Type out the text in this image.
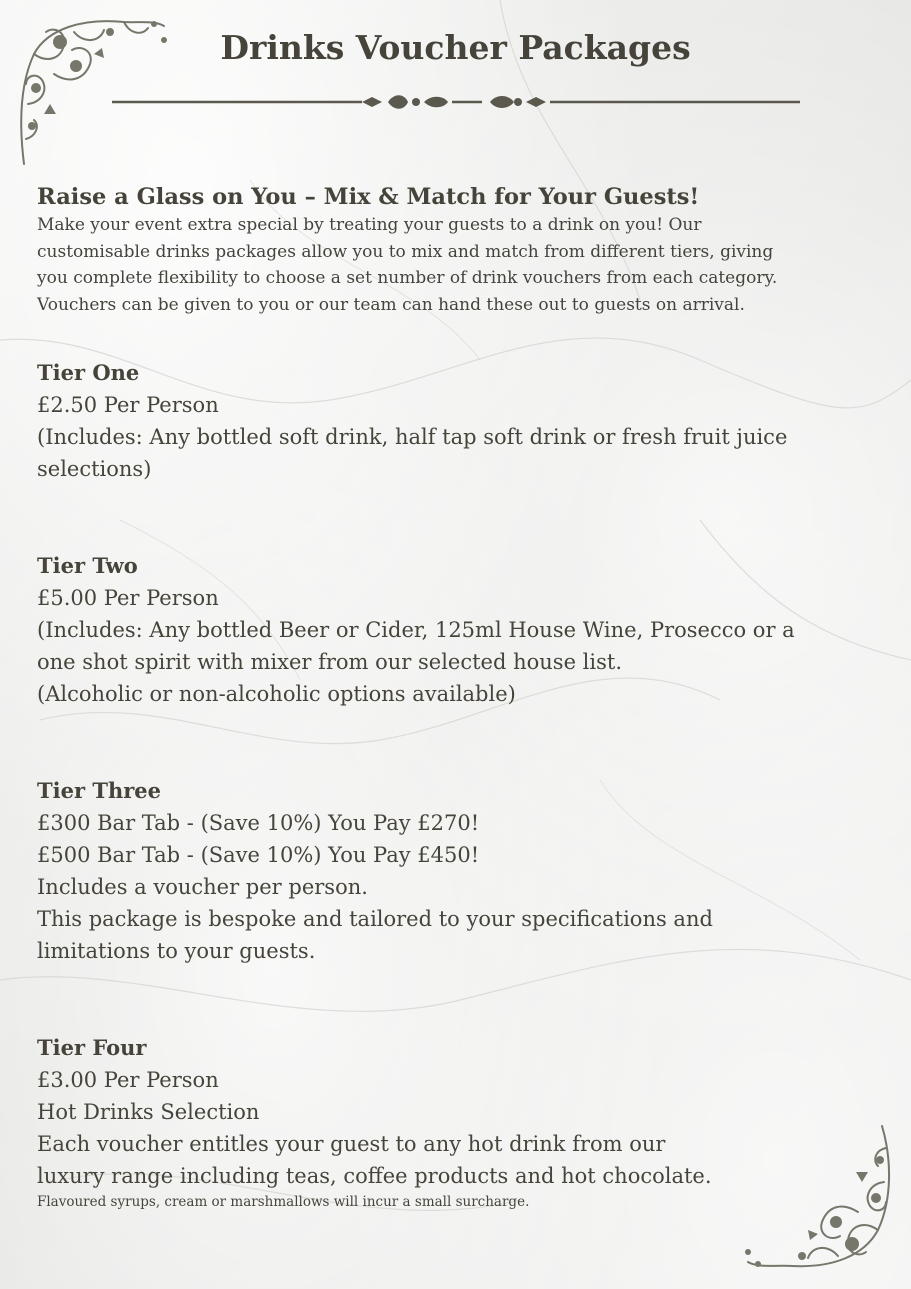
Drinks Voucher Packages

Raise a Glass on You – Mix & Match for Your Guests!

Make your event extra special by treating your guests to a drink on you! Our

customisable drinks packages allow you to mix and match from different tiers, giving

you complete flexibility to choose a set number of drink vouchers from each category.

Vouchers can be given to you or our team can hand these out to guests on arrival.

Tier One

£2.50 Per Person

(Includes: Any bottled soft drink, half tap soft drink or fresh fruit juice

selections)

Tier Two

£5.00 Per Person

(Includes: Any bottled Beer or Cider, 125ml House Wine, Prosecco or a

one shot spirit with mixer from our selected house list.

(Alcoholic or non-alcoholic options available)

Tier Three

£300 Bar Tab - (Save 10%) You Pay £270!

£500 Bar Tab - (Save 10%) You Pay £450!

Includes a voucher per person.

This package is bespoke and tailored to your specifications and

limitations to your guests.

Tier Four

£3.00 Per Person

Hot Drinks Selection

Each voucher entitles your guest to any hot drink from our

luxury range including teas, coffee products and hot chocolate.

Flavoured syrups, cream or marshmallows will incur a small surcharge.
